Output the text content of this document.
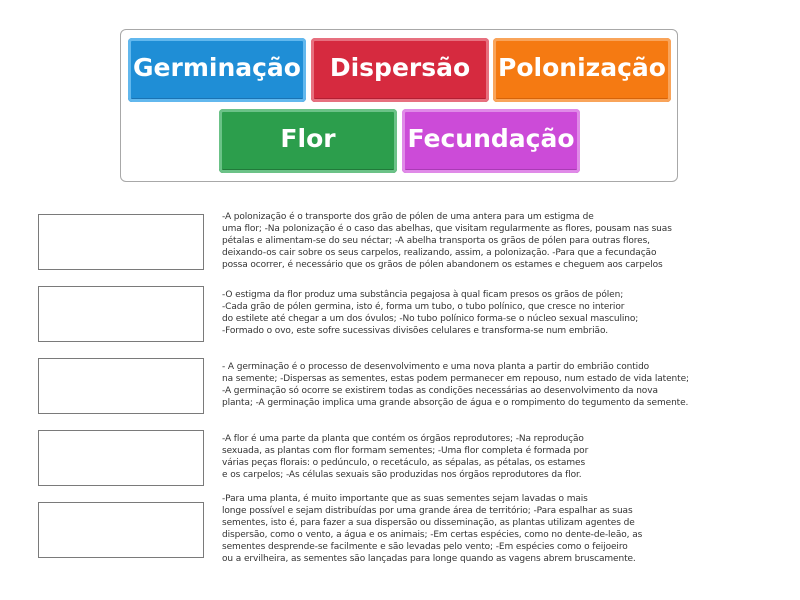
Germinação	Dispersão	Polonização
Flor	Fecundação
-A polonização é o transporte dos grão de pólen de uma antera para um estigma de
uma flor; -Na polonização é o caso das abelhas, que visitam regularmente as flores, pousam nas suas
pétalas e alimentam-se do seu néctar; -A abelha transporta os grãos de pólen para outras flores,
deixando-os cair sobre os seus carpelos, realizando, assim, a polonização. -Para que a fecundação
possa ocorrer, é necessário que os grãos de pólen abandonem os estames e cheguem aos carpelos
-O estigma da flor produz uma substância pegajosa à qual ficam presos os grãos de pólen;
-Cada grão de pólen germina, isto é, forma um tubo, o tubo polínico, que cresce no interior
do estilete até chegar a um dos óvulos; -No tubo polínico forma-se o núcleo sexual masculino;
-Formado o ovo, este sofre sucessivas divisões celulares e transforma-se num embrião.
- A germinação é o processo de desenvolvimento e uma nova planta a partir do embrião contido
na semente; -Dispersas as sementes, estas podem permanecer em repouso, num estado de vida latente;
-A germinação só ocorre se existirem todas as condições necessárias ao desenvolvimento da nova
planta; -A germinação implica uma grande absorção de água e o rompimento do tegumento da semente.
-A flor é uma parte da planta que contém os órgãos reprodutores; -Na reprodução
sexuada, as plantas com flor formam sementes; -Uma flor completa é formada por
várias peças florais: o pedúnculo, o recetáculo, as sépalas, as pétalas, os estames
e os carpelos; -As células sexuais são produzidas nos órgãos reprodutores da flor.
-Para uma planta, é muito importante que as suas sementes sejam lavadas o mais
longe possível e sejam distribuídas por uma grande área de território; -Para espalhar as suas
sementes, isto é, para fazer a sua dispersão ou disseminação, as plantas utilizam agentes de
dispersão, como o vento, a água e os animais; -Em certas espécies, como no dente-de-leão, as
sementes desprende-se facilmente e são levadas pelo vento; -Em espécies como o feijoeiro
ou a ervilheira, as sementes são lançadas para longe quando as vagens abrem bruscamente.
